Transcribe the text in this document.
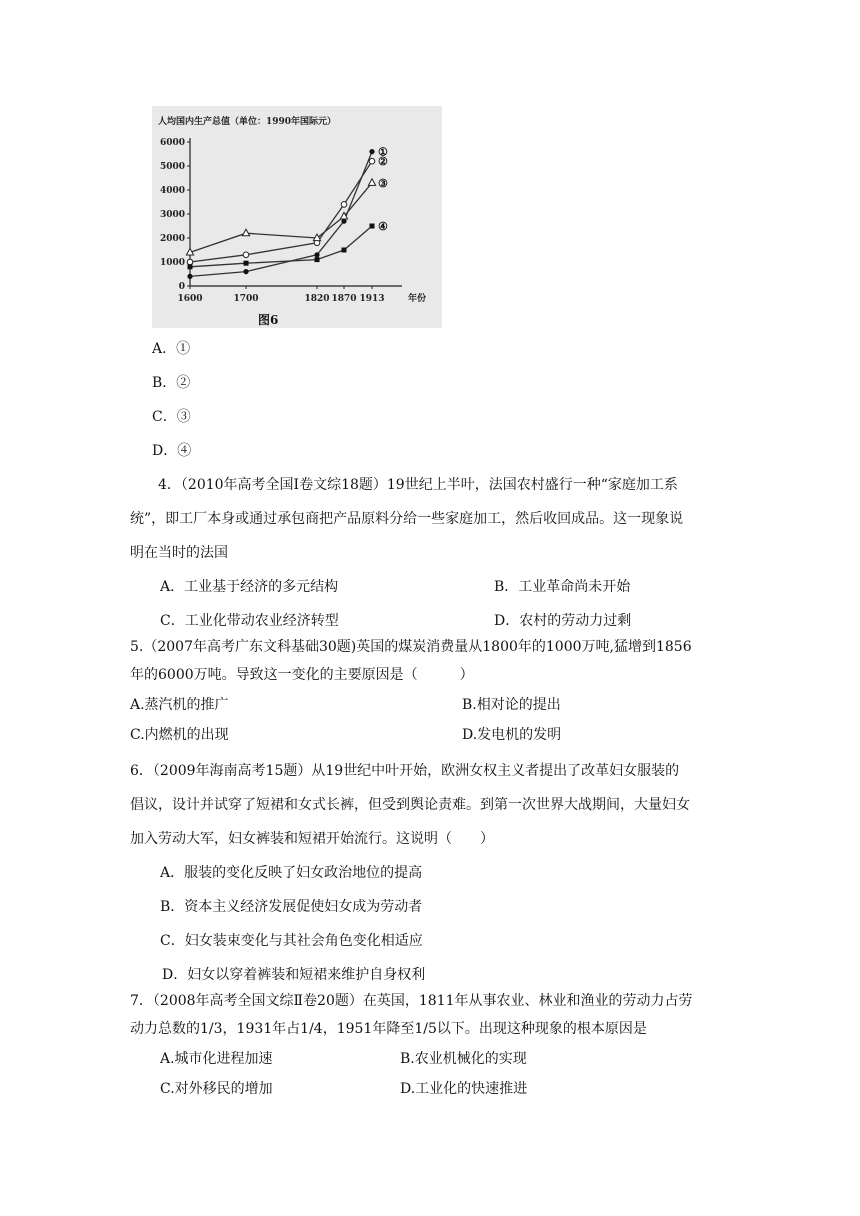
人均国内生产总值（单位：1990年国际元）
0
1000
2000
3000
4000
5000
6000
1600	1700	1820 1870 1913
①
②
③
④
年份
图6
A．①
B．②
C．③
D．④
4．（2010年高考全国Ⅰ卷文综18题）19世纪上半叶，法国农村盛行一种“家庭加工系
统”，即工厂本身或通过承包商把产品原料分给一些家庭加工，然后收回成品。这一现象说
明在当时的法国
A．工业基于经济的多元结构	B．工业革命尚未开始
C．工业化带动农业经济转型	D．农村的劳动力过剩
5.（2007年高考广东文科基础30题)英国的煤炭消费量从1800年的1000万吨,猛增到1856
年的6000万吨。导致这一变化的主要原因是（　　　）
A.蒸汽机的推广	B.相对论的提出
C.内燃机的出现	D.发电机的发明
6．（2009年海南高考15题）从19世纪中叶开始，欧洲女权主义者提出了改革妇女服装的
倡议，设计并试穿了短裙和女式长裤，但受到舆论责难。到第一次世界大战期间，大量妇女
加入劳动大军，妇女裤装和短裙开始流行。这说明（　　）
A．服装的变化反映了妇女政治地位的提高
B．资本主义经济发展促使妇女成为劳动者
C．妇女装束变化与其社会角色变化相适应
D．妇女以穿着裤装和短裙来维护自身权利
7．（2008年高考全国文综Ⅱ卷20题）在英国，1811年从事农业、林业和渔业的劳动力占劳
动力总数的1/3，1931年占1/4，1951年降至1/5以下。出现这种现象的根本原因是
A.城市化进程加速	B.农业机械化的实现
C.对外移民的增加	D.工业化的快速推进
